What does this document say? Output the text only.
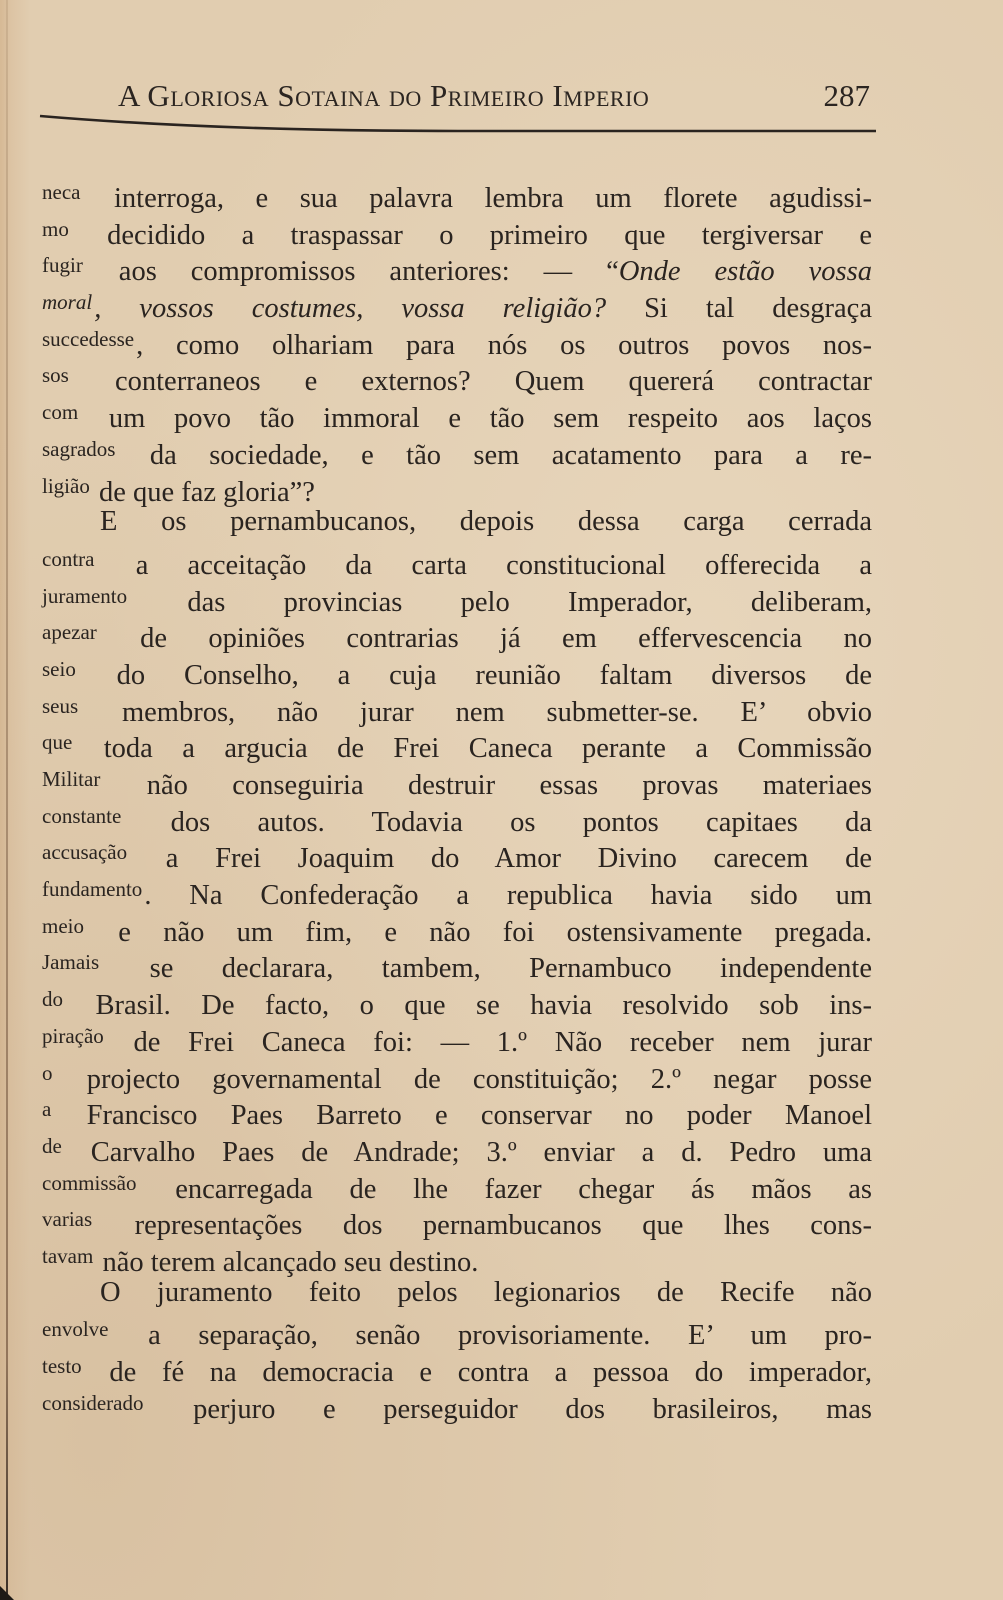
A Gloriosa Sotaina do Primeiro Imperio	287
$^{neca}$ interroga, e sua palavra lembra um florete agudissi-
$^{mo}$ decidido a traspassar o primeiro que tergiversar e
$^{fugir}$ aos compromissos anteriores: — “Onde estão vossa
$^{moral}$, vossos costumes, vossa religião? Si tal desgraça
$^{succedesse}$, como olhariam para nós os outros povos nos-
$^{sos}$ conterraneos e externos? Quem quererá contractar
$^{com}$ um povo tão immoral e tão sem respeito aos laços
$^{sagrados}$ da sociedade, e tão sem acatamento para a re-
$^{ligião}$ de que faz gloria”?
E os pernambucanos, depois dessa carga cerrada
$^{contra}$ a acceitação da carta constitucional offerecida a
$^{juramento}$ das provincias pelo Imperador, deliberam,
$^{apezar}$ de opiniões contrarias já em effervescencia no
$^{seio}$ do Conselho, a cuja reunião faltam diversos de
$^{seus}$ membros, não jurar nem submetter-se. E’ obvio
$^{que}$ toda a argucia de Frei Caneca perante a Commissão
$^{Militar}$ não conseguiria destruir essas provas materiaes
$^{constante}$ dos autos. Todavia os pontos capitaes da
$^{accusação}$ a Frei Joaquim do Amor Divino carecem de
$^{fundamento}$. Na Confederação a republica havia sido um
$^{meio}$ e não um fim, e não foi ostensivamente pregada.
$^{Jamais}$ se declarara, tambem, Pernambuco independente
$^{do}$ Brasil. De facto, o que se havia resolvido sob ins-
$^{piração}$ de Frei Caneca foi: — 1.º Não receber nem jurar
$^o$ projecto governamental de constituição; 2.º negar posse
$^a$ Francisco Paes Barreto e conservar no poder Manoel
$^{de}$ Carvalho Paes de Andrade; 3.º enviar a d. Pedro uma
$^{commissão}$ encarregada de lhe fazer chegar ás mãos as
$^{varias}$ representações dos pernambucanos que lhes cons-
$^{tavam}$ não terem alcançado seu destino.
O juramento feito pelos legionarios de Recife não
$^{envolve}$ a separação, senão provisoriamente. E’ um pro-
$^{testo}$ de fé na democracia e contra a pessoa do imperador,
$^{considerado}$ perjuro e perseguidor dos brasileiros, mas
